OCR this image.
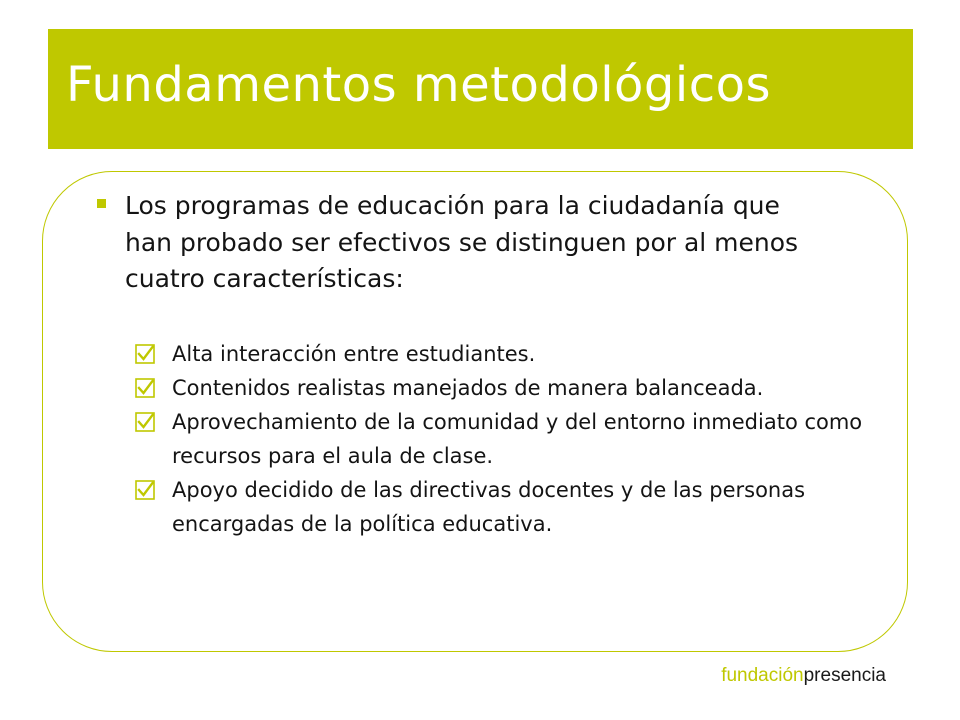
Fundamentos metodológicos
Los programas de educación para la ciudadanía que han probado ser efectivos se distinguen por al menos cuatro características:
Alta interacción entre estudiantes.
Contenidos realistas manejados de manera balanceada.
Aprovechamiento de la comunidad y del entorno inmediato como recursos para el aula de clase.
Apoyo decidido de las directivas docentes y de las personas encargadas de la política educativa.
fundaciónpresencia
